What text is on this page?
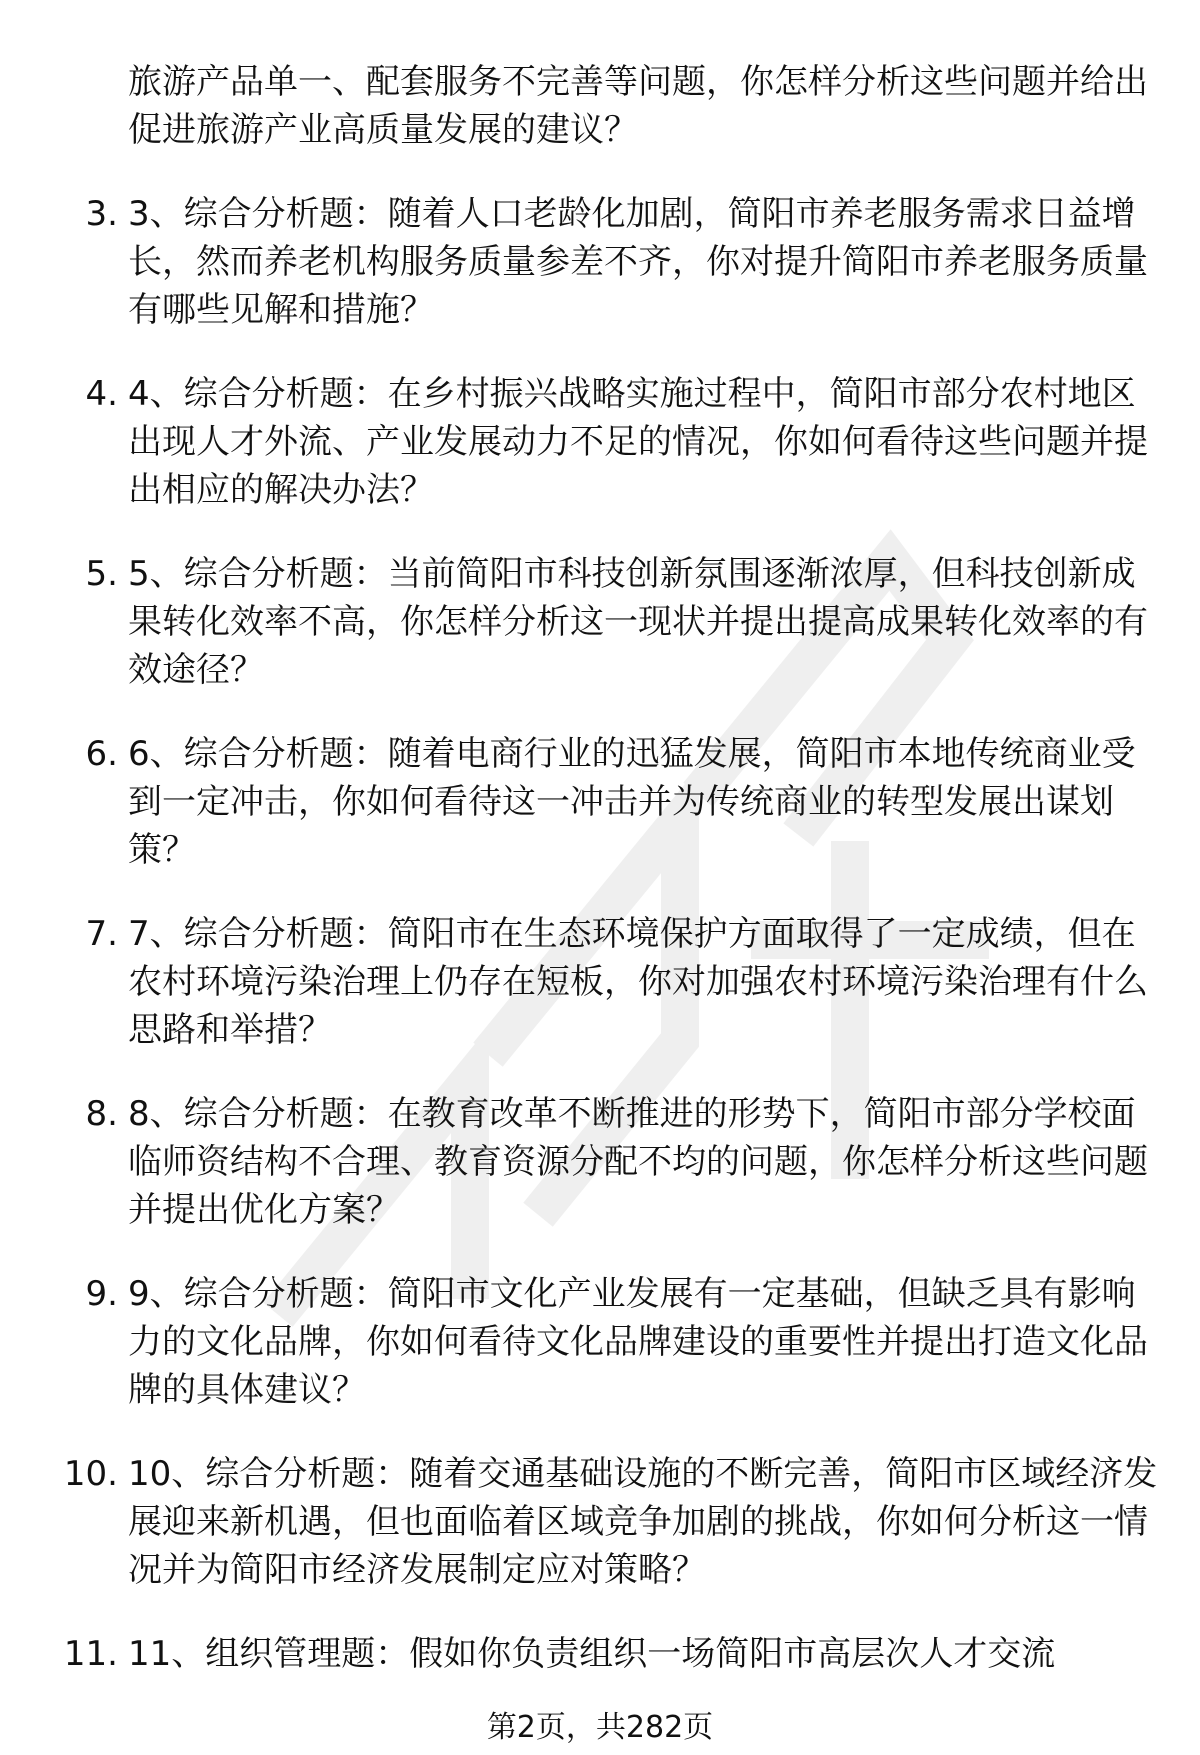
旅游产品单一、配套服务不完善等问题，你怎样分析这些问题并给出促进旅游产业高质量发展的建议？
3. 3、综合分析题：随着人口老龄化加剧，简阳市养老服务需求日益增长，然而养老机构服务质量参差不齐，你对提升简阳市养老服务质量有哪些见解和措施？
4. 4、综合分析题：在乡村振兴战略实施过程中，简阳市部分农村地区出现人才外流、产业发展动力不足的情况，你如何看待这些问题并提出相应的解决办法？
5. 5、综合分析题：当前简阳市科技创新氛围逐渐浓厚，但科技创新成果转化效率不高，你怎样分析这一现状并提出提高成果转化效率的有效途径？
6. 6、综合分析题：随着电商行业的迅猛发展，简阳市本地传统商业受到一定冲击，你如何看待这一冲击并为传统商业的转型发展出谋划策？
7. 7、综合分析题：简阳市在生态环境保护方面取得了一定成绩，但在农村环境污染治理上仍存在短板，你对加强农村环境污染治理有什么思路和举措？
8. 8、综合分析题：在教育改革不断推进的形势下，简阳市部分学校面临师资结构不合理、教育资源分配不均的问题，你怎样分析这些问题并提出优化方案？
9. 9、综合分析题：简阳市文化产业发展有一定基础，但缺乏具有影响力的文化品牌，你如何看待文化品牌建设的重要性并提出打造文化品牌的具体建议？
10. 10、综合分析题：随着交通基础设施的不断完善，简阳市区域经济发展迎来新机遇，但也面临着区域竞争加剧的挑战，你如何分析这一情况并为简阳市经济发展制定应对策略？
11. 11、组织管理题：假如你负责组织一场简阳市高层次人才交流
第2页，共282页
